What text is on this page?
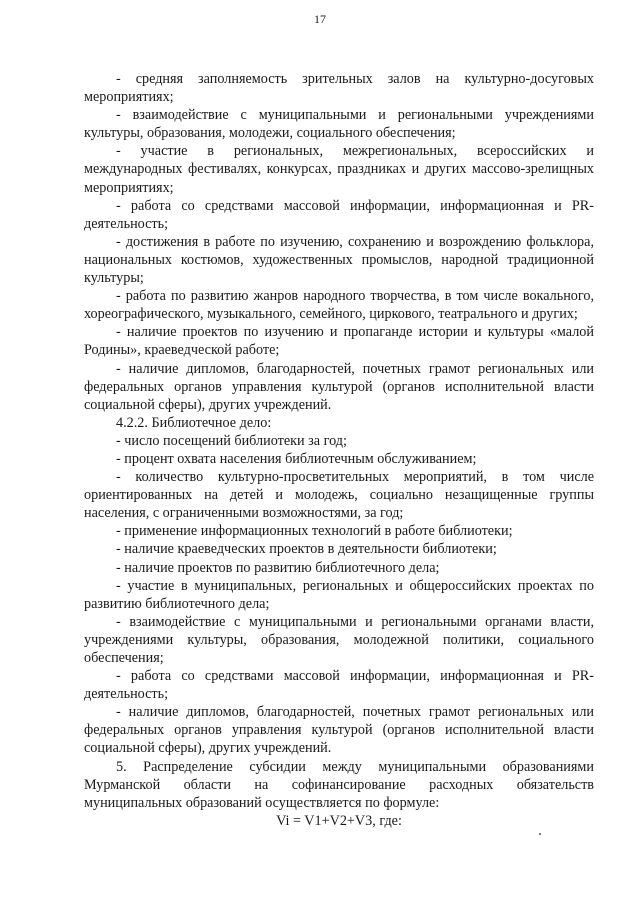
17

- средняя заполняемость зрительных залов на культурно-досуговых мероприятиях;

- взаимодействие с муниципальными и региональными учреждениями культуры, образования, молодежи, социального обеспечения;

- участие в региональных, межрегиональных, всероссийских и международных фестивалях, конкурсах, праздниках и других массово-зрелищных мероприятиях;

- работа со средствами массовой информации, информационная и PR-деятельность;

- достижения в работе по изучению, сохранению и возрождению фольклора, национальных костюмов, художественных промыслов, народной традиционной культуры;

- работа по развитию жанров народного творчества, в том числе вокального, хореографического, музыкального, семейного, циркового, театрального и других;

- наличие проектов по изучению и пропаганде истории и культуры «малой Родины», краеведческой работе;

- наличие дипломов, благодарностей, почетных грамот региональных или федеральных органов управления культурой (органов исполнительной власти социальной сферы), других учреждений.

4.2.2. Библиотечное дело:

- число посещений библиотеки за год;

- процент охвата населения библиотечным обслуживанием;

- количество культурно-просветительных мероприятий, в том числе ориентированных на детей и молодежь, социально незащищенные группы населения, с ограниченными возможностями, за год;

- применение информационных технологий в работе библиотеки;

- наличие краеведческих проектов в деятельности библиотеки;

- наличие проектов по развитию библиотечного дела;

- участие в муниципальных, региональных и общероссийских проектах по развитию библиотечного дела;

- взаимодействие с муниципальными и региональными органами власти, учреждениями культуры, образования, молодежной политики, социального обеспечения;

- работа со средствами массовой информации, информационная и PR-деятельность;

- наличие дипломов, благодарностей, почетных грамот региональных или федеральных органов управления культурой (органов исполнительной власти социальной сферы), других учреждений.

5. Распределение субсидии между муниципальными образованиями Мурманской области на софинансирование расходных обязательств муниципальных образований осуществляется по формуле:

Vi = V1+V2+V3, где:
